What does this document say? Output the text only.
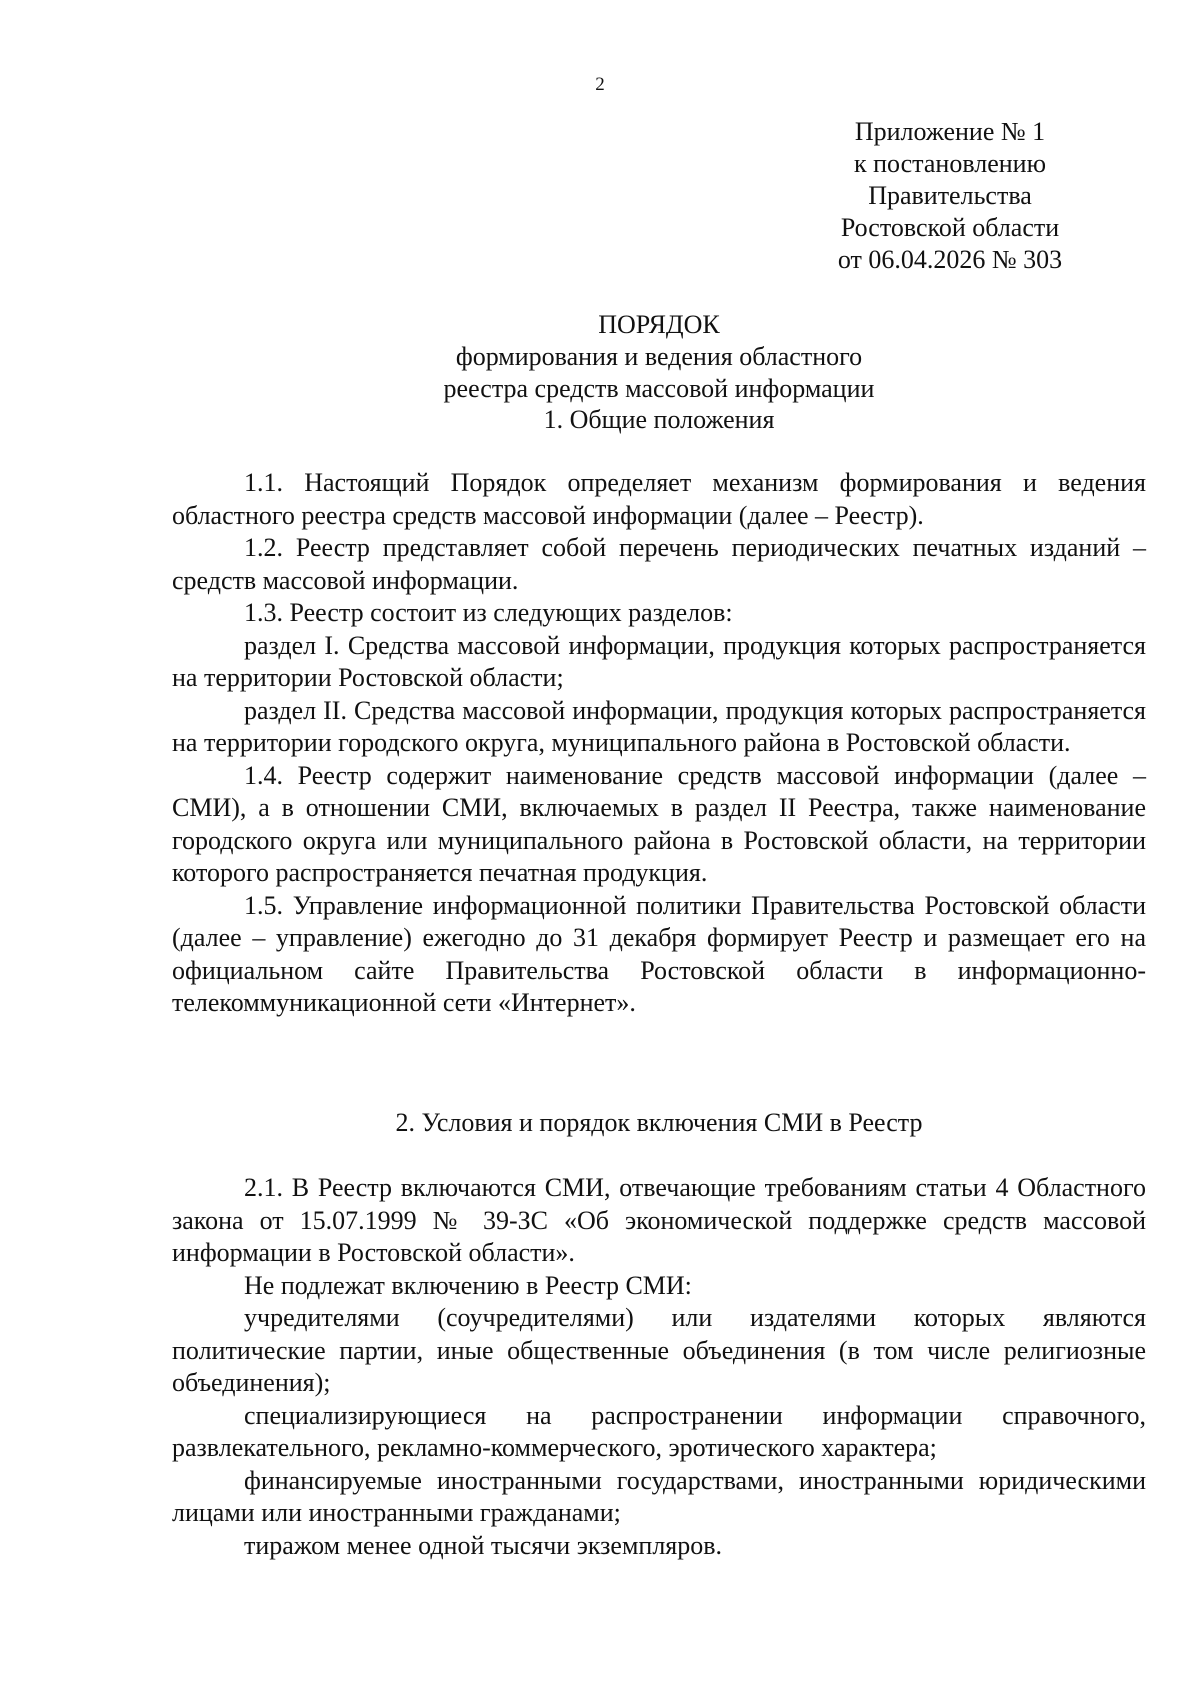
2
Приложение № 1
к постановлению
Правительства
Ростовской области
от 06.04.2026 № 303
ПОРЯДОК
формирования и ведения областного
реестра средств массовой информации
1. Общие положения

1.1. Настоящий Порядок определяет механизм формирования и ведения областного реестра средств массовой информации (далее – Реестр).

1.2. Реестр представляет собой перечень периодических печатных изданий – средств массовой информации.

1.3. Реестр состоит из следующих разделов:

раздел I. Средства массовой информации, продукция которых распространяется на территории Ростовской области;

раздел II. Средства массовой информации, продукция которых распространяется на территории городского округа, муниципального района в Ростовской области.

1.4. Реестр содержит наименование средств массовой информации (далее – СМИ), а в отношении СМИ, включаемых в раздел II Реестра, также наименование городского округа или муниципального района в Ростовской области, на территории которого распространяется печатная продукция.

1.5. Управление информационной политики Правительства Ростовской области (далее – управление) ежегодно до 31 декабря формирует Реестр и размещает его на официальном сайте Правительства Ростовской области в информационно-телекоммуникационной сети «Интернет».

2. Условия и порядок включения СМИ в Реестр

2.1. В Реестр включаются СМИ, отвечающие требованиям статьи 4 Областного закона от 15.07.1999 № 39-ЗС «Об экономической поддержке средств массовой информации в Ростовской области».

Не подлежат включению в Реестр СМИ:

учредителями (соучредителями) или издателями которых являются политические партии, иные общественные объединения (в том числе религиозные объединения);

специализирующиеся на распространении информации справочного, развлекательного, рекламно-коммерческого, эротического характера;

финансируемые иностранными государствами, иностранными юридическими лицами или иностранными гражданами;

тиражом менее одной тысячи экземпляров.
